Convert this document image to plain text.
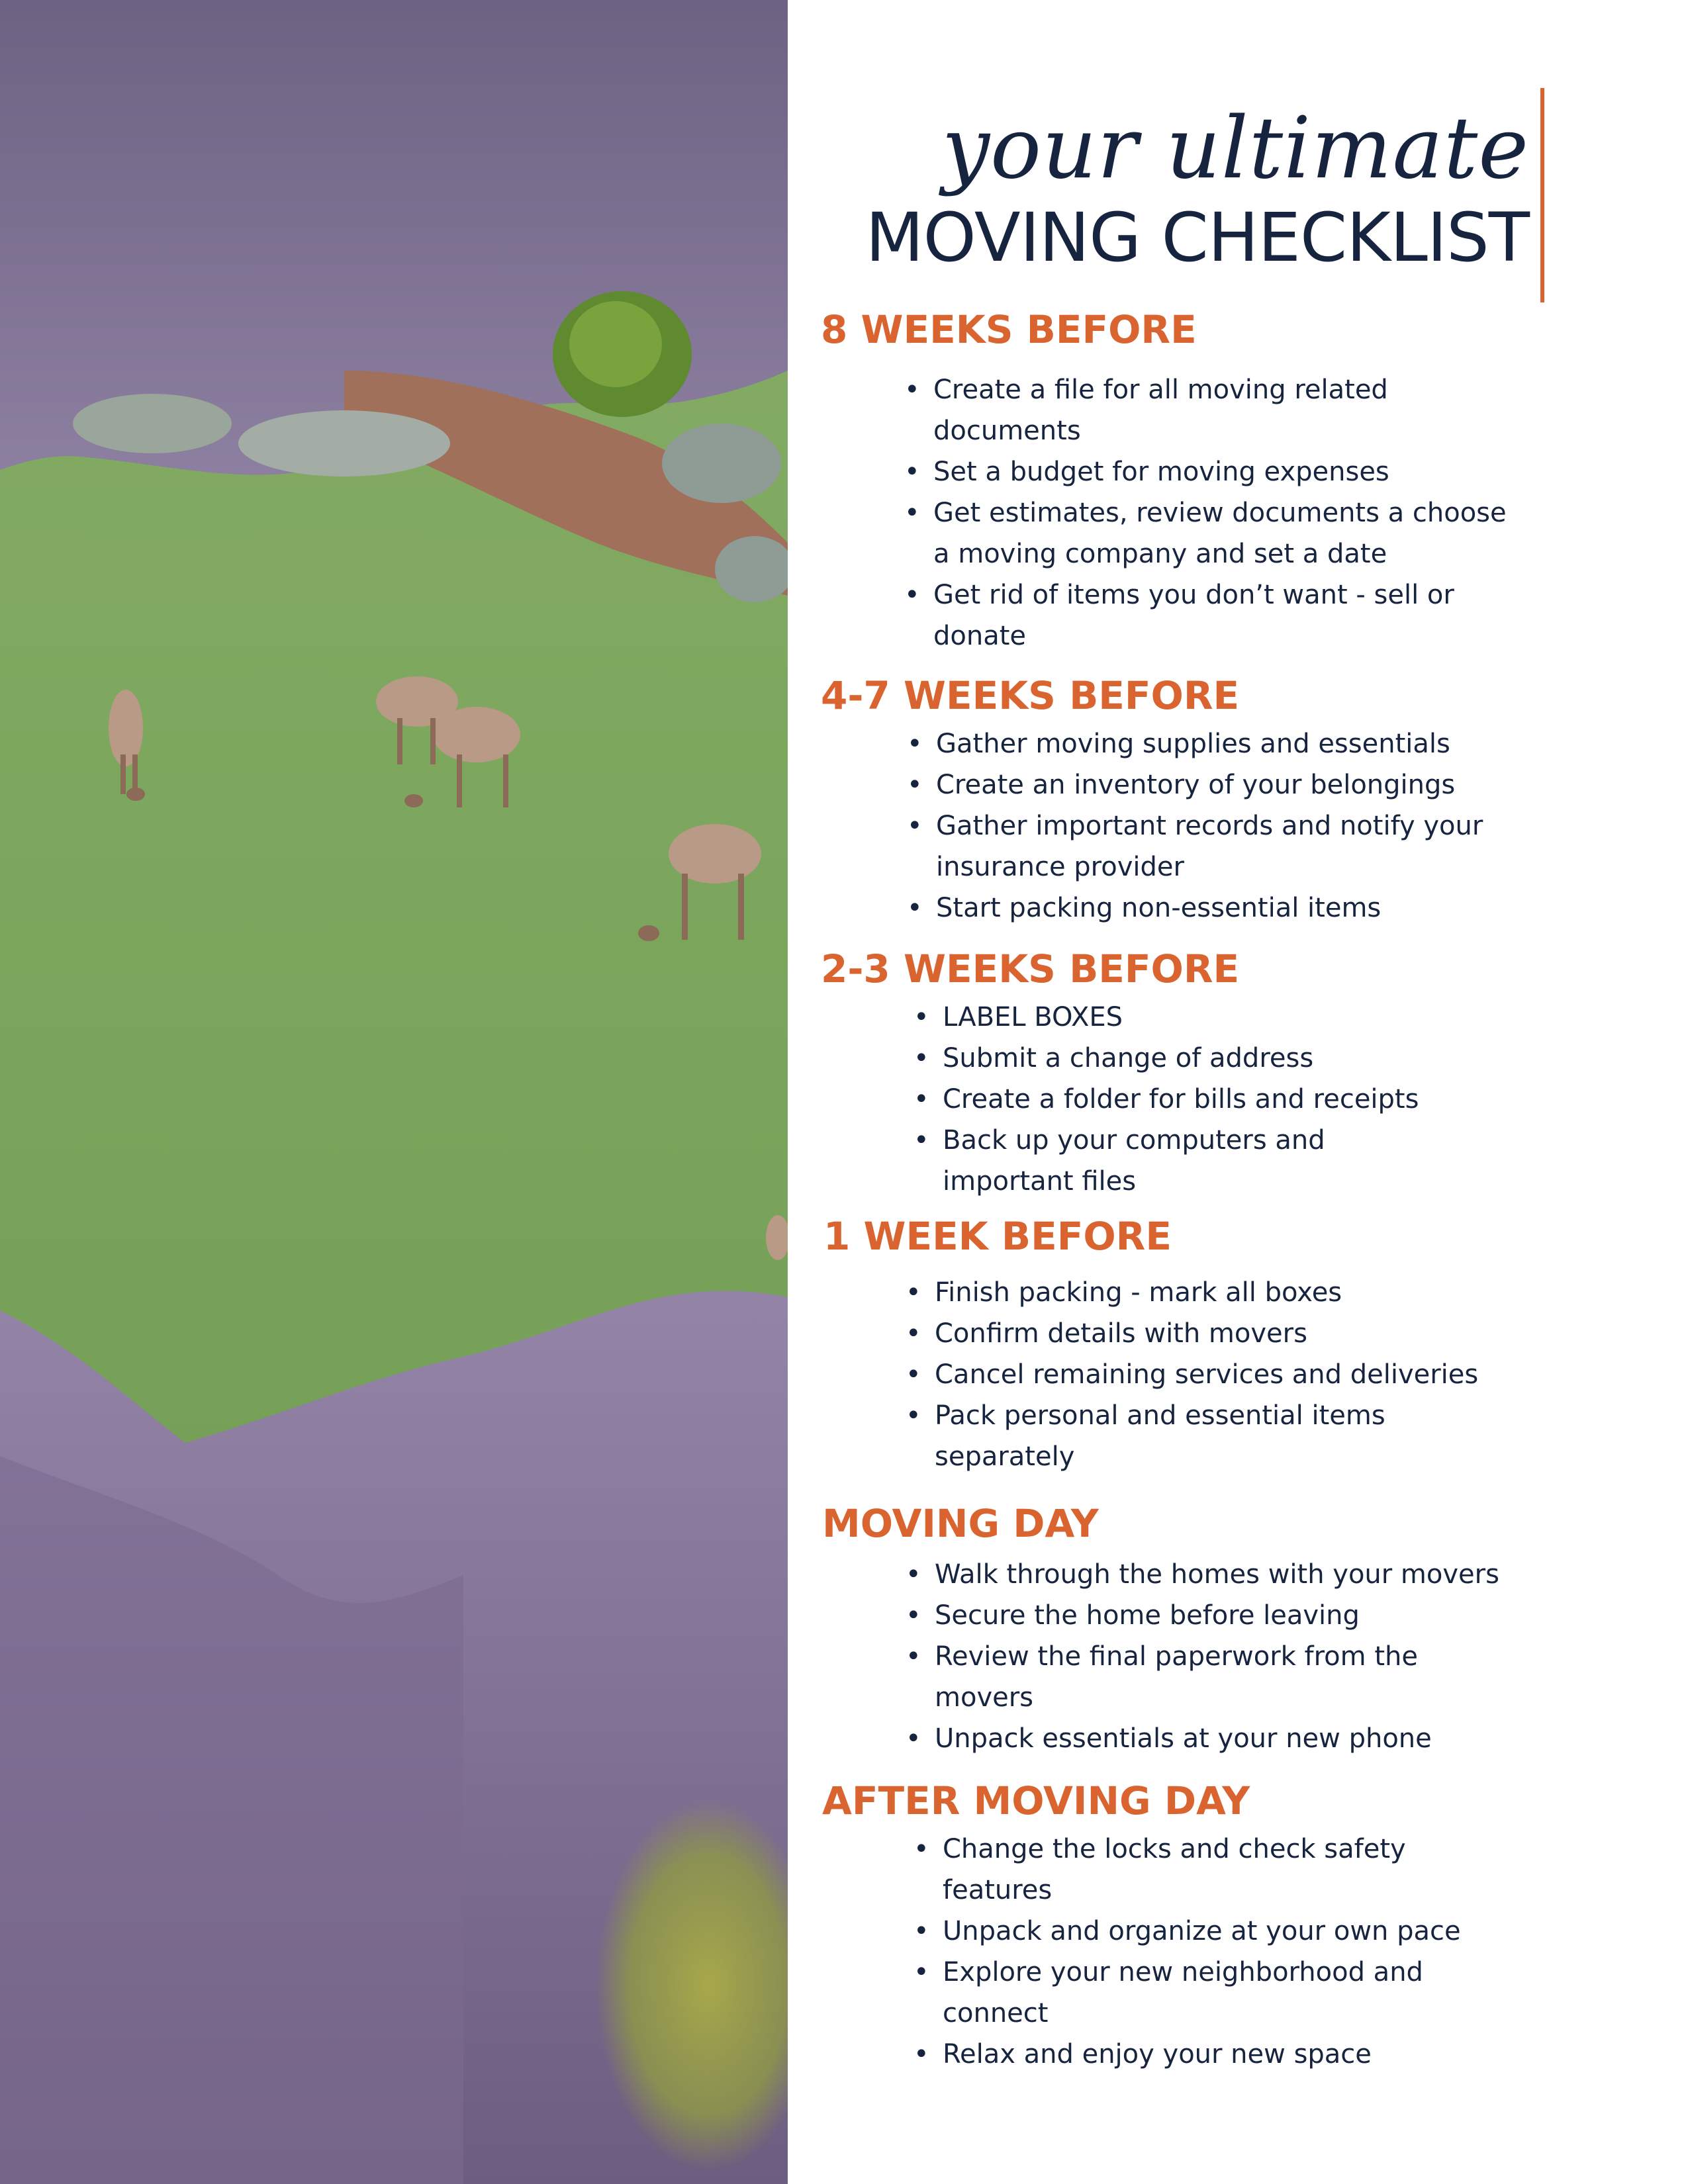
your ultimate
MOVING CHECKLIST
8 WEEKS BEFORE
• Create a file for all moving related
documents
• Set a budget for moving expenses
• Get estimates, review documents a choose
a moving company and set a date
• Get rid of items you don’t want - sell or
donate
4-7 WEEKS BEFORE
• Gather moving supplies and essentials
• Create an inventory of your belongings
• Gather important records and notify your
insurance provider
• Start packing non-essential items
2-3 WEEKS BEFORE
• LABEL BOXES
• Submit a change of address
• Create a folder for bills and receipts
• Back up your computers and
important files
1 WEEK BEFORE
• Finish packing - mark all boxes
• Confirm details with movers
• Cancel remaining services and deliveries
• Pack personal and essential items
separately
MOVING DAY
• Walk through the homes with your movers
• Secure the home before leaving
• Review the final paperwork from the
movers
• Unpack essentials at your new phone
AFTER MOVING DAY
• Change the locks and check safety
features
• Unpack and organize at your own pace
• Explore your new neighborhood and
connect
• Relax and enjoy your new space
